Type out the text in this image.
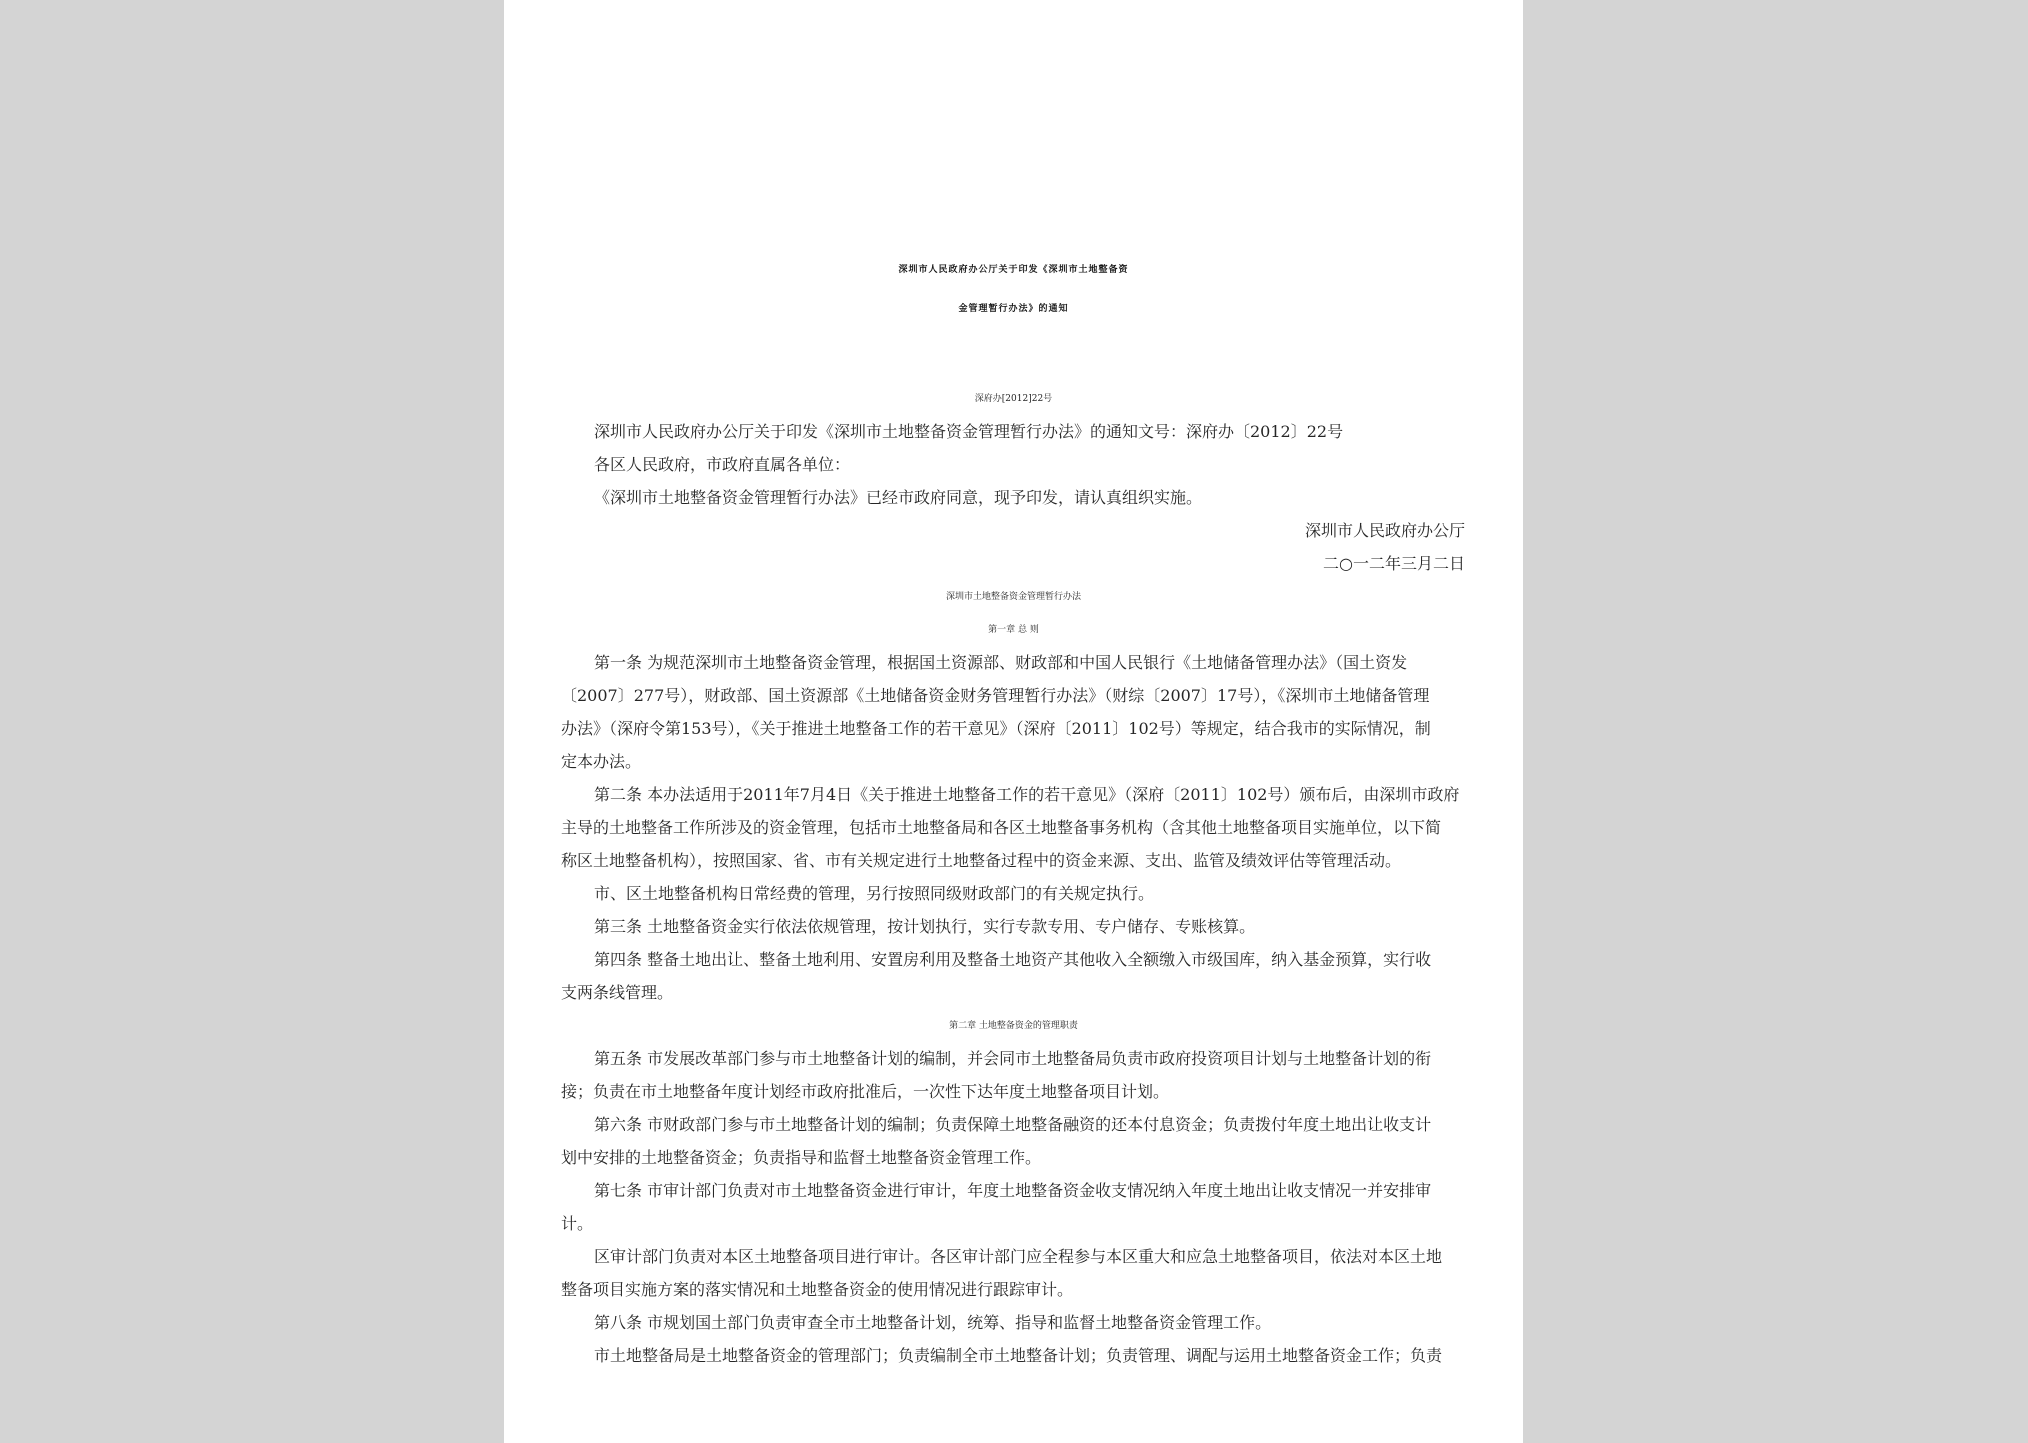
深圳市人民政府办公厅关于印发《深圳市土地整备资
金管理暂行办法》的通知
深府办[2012]22号
深圳市人民政府办公厅关于印发《深圳市土地整备资金管理暂行办法》的通知文号：深府办〔2012〕22号
各区人民政府，市政府直属各单位：
《深圳市土地整备资金管理暂行办法》已经市政府同意，现予印发，请认真组织实施。
深圳市人民政府办公厅
二○一二年三月二日
深圳市土地整备资金管理暂行办法
第一章 总 则
第一条 为规范深圳市土地整备资金管理，根据国土资源部、财政部和中国人民银行《土地储备管理办法》（国土资发
〔2007〕277号），财政部、国土资源部《土地储备资金财务管理暂行办法》（财综〔2007〕17号），《深圳市土地储备管理
办法》（深府令第153号），《关于推进土地整备工作的若干意见》（深府〔2011〕102号）等规定，结合我市的实际情况，制
定本办法。
第二条 本办法适用于2011年7月4日《关于推进土地整备工作的若干意见》（深府〔2011〕102号）颁布后，由深圳市政府
主导的土地整备工作所涉及的资金管理，包括市土地整备局和各区土地整备事务机构（含其他土地整备项目实施单位，以下简
称区土地整备机构），按照国家、省、市有关规定进行土地整备过程中的资金来源、支出、监管及绩效评估等管理活动。
市、区土地整备机构日常经费的管理，另行按照同级财政部门的有关规定执行。
第三条 土地整备资金实行依法依规管理，按计划执行，实行专款专用、专户储存、专账核算。
第四条 整备土地出让、整备土地利用、安置房利用及整备土地资产其他收入全额缴入市级国库，纳入基金预算，实行收
支两条线管理。
第二章 土地整备资金的管理职责
第五条 市发展改革部门参与市土地整备计划的编制，并会同市土地整备局负责市政府投资项目计划与土地整备计划的衔
接；负责在市土地整备年度计划经市政府批准后，一次性下达年度土地整备项目计划。
第六条 市财政部门参与市土地整备计划的编制；负责保障土地整备融资的还本付息资金；负责拨付年度土地出让收支计
划中安排的土地整备资金；负责指导和监督土地整备资金管理工作。
第七条 市审计部门负责对市土地整备资金进行审计，年度土地整备资金收支情况纳入年度土地出让收支情况一并安排审
计。
区审计部门负责对本区土地整备项目进行审计。各区审计部门应全程参与本区重大和应急土地整备项目，依法对本区土地
整备项目实施方案的落实情况和土地整备资金的使用情况进行跟踪审计。
第八条 市规划国土部门负责审查全市土地整备计划，统筹、指导和监督土地整备资金管理工作。
市土地整备局是土地整备资金的管理部门；负责编制全市土地整备计划；负责管理、调配与运用土地整备资金工作；负责
